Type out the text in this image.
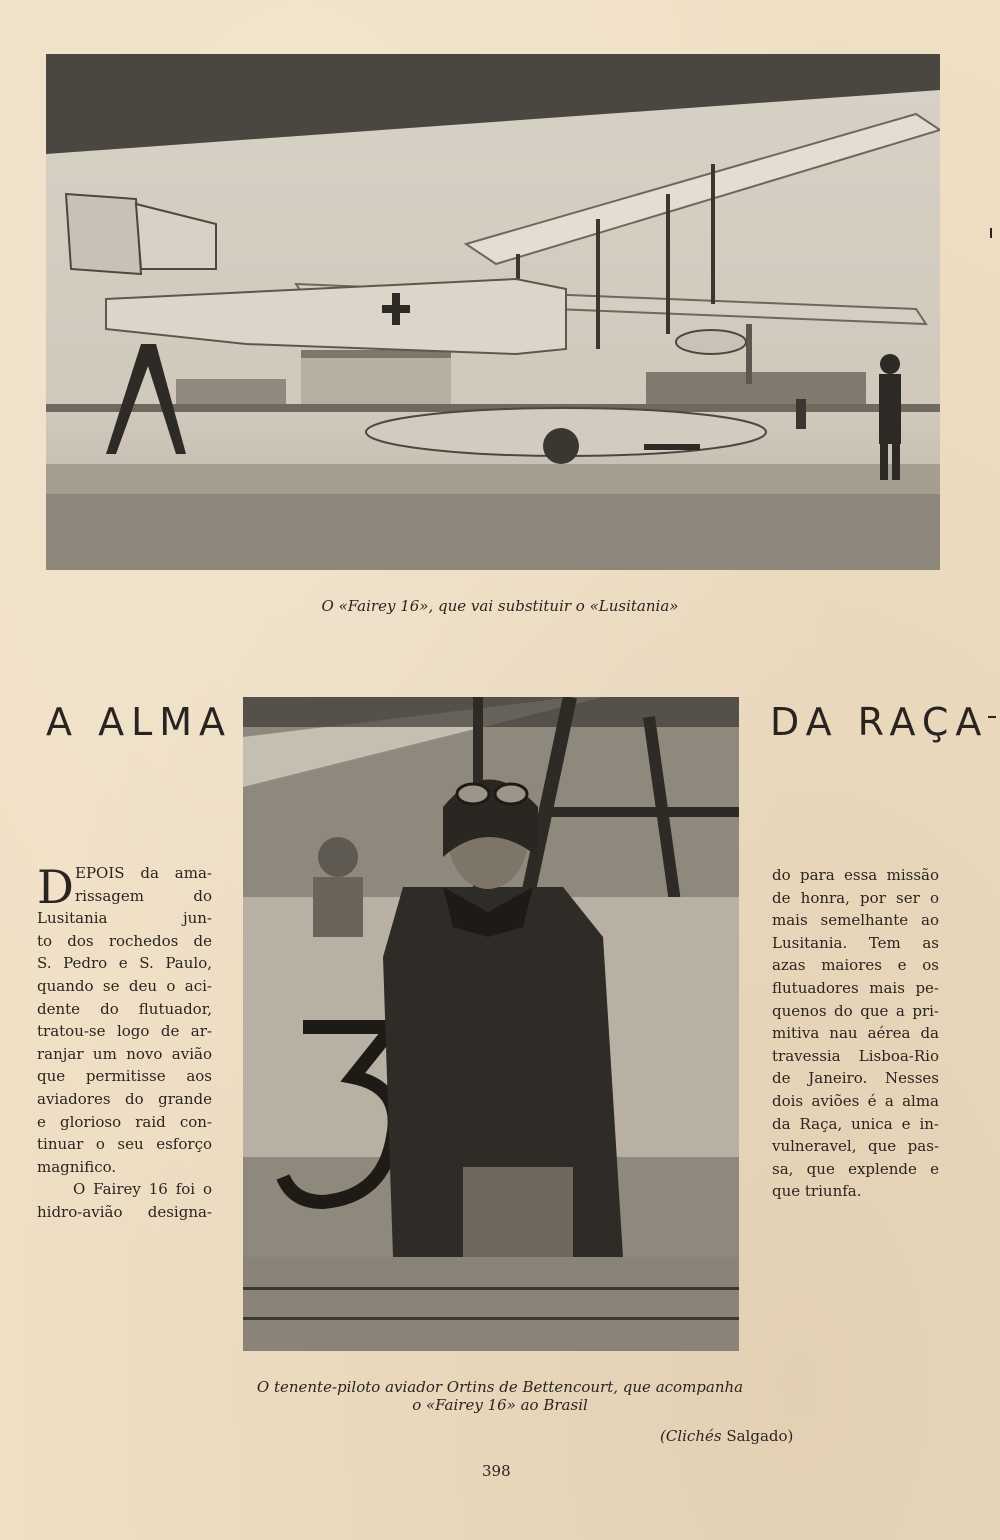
O «Fairey 16», que vai substituir o «Lusitania»
A ALMA	DA RAÇA
D EPOIS da ama-
rissagem do
Lusitania jun-
to dos rochedos de
S. Pedro e S. Paulo,
quando se deu o aci-
dente do flutuador,
tratou-se logo de ar-
ranjar um novo avião
que permitisse aos
aviadores do grande
e glorioso raid con-
tinuar o seu esforço
magnifico.
O Fairey 16 foi o
hidro-avião designa-
do para essa missão
de honra, por ser o
mais semelhante ao
Lusitania. Tem as
azas maiores e os
flutuadores mais pe-
quenos do que a pri-
mitiva nau aérea da
travessia Lisboa-Rio
de Janeiro. Nesses
dois aviões é a alma
da Raça, unica e in-
vulneravel, que pas-
sa, que explende e
que triunfa.
O tenente-piloto aviador Ortins de Bettencourt, que acompanha
o «Fairey 16» ao Brasil
(Clichés Salgado)
398
